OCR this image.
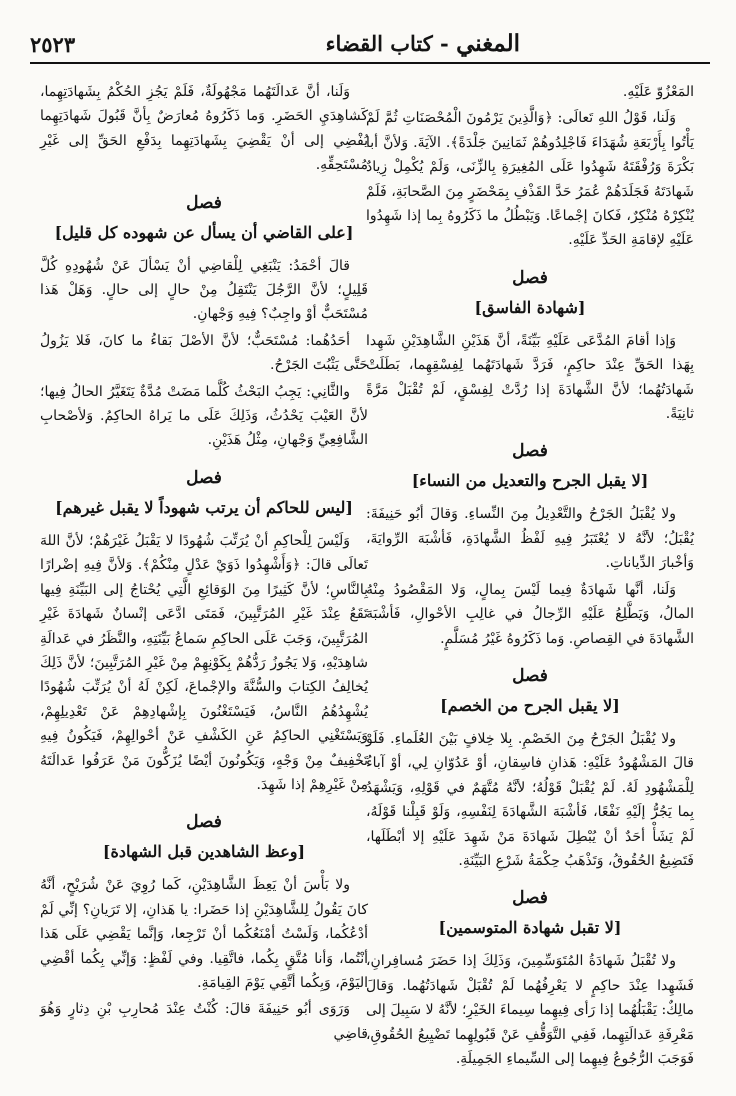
٢٥٢٣	المغني - كتاب القضاء

المَعْزُوّ عَلَيْهِ.

وَلَنا، قَوْلُ اللهِ تَعالَى: ﴿وَالَّذِينَ يَرْمُونَ الْمُحْصَنَاتِ ثُمَّ لَمْ يَأْتُوا بِأَرْبَعَةِ شُهَدَاءَ فَاجْلِدُوهُمْ ثَمَانِينَ جَلْدَةً﴾. الآيَةَ. وَلأنَّ أبا بَكْرَةَ وَرُفْقَتَهُ شَهِدُوا عَلَى المُغِيرَةِ بِالزِّنَى، وَلَمْ يُكْمِلْ زِيادٌ شَهادَتَهُ فَجَلَدَهُمْ عُمَرُ حَدَّ القَذْفِ بِمَحْضَرٍ مِنَ الصَّحابَةِ، فَلَمْ يُنْكِرْهُ مُنْكِرٌ، فَكانَ إجْماعًا. وَيَبْطُلُ ما ذَكَرُوهُ بِما إذا شَهِدُوا عَلَيْهِ لإقامَةِ الحَدِّ عَلَيْهِ.

فصل
[شهادة الفاسق]

وَإذا أقامَ المُدَّعَى عَلَيْهِ بَيِّنَةً، أنَّ هَذَيْنِ الشَّاهِدَيْنِ شَهِدا بِهَذا الحَقِّ عِنْدَ حاكِمٍ، فَرَدَّ شَهادَتَهُما لِفِسْقِهِما، بَطَلَتْ شَهادَتُهُما؛ لأنَّ الشَّهادَةَ إذا رُدَّتْ لِفِسْقٍ، لَمْ تُقْبَلْ مَرَّةً ثانِيَةً.

فصل
[لا يقبل الجرح والتعديل من النساء]

ولا يُقْبَلُ الجَرْحُ والتَّعْدِيلُ مِنَ النِّساءِ. وَقالَ أبُو حَنِيفَةَ: يُقْبَلُ؛ لأنَّهُ لا يُعْتَبَرُ فِيهِ لَفْظُ الشَّهادَةِ، فَأشْبَهَ الرِّوايَةَ، وَأخْبارَ الدِّياناتِ.

وَلَنا، أنَّها شَهادَةٌ فِيما لَيْسَ بِمالٍ، وَلا المَقْصُودُ مِنْهُ المالُ، وَيَطَّلِعُ عَلَيْهِ الرِّجالُ في غالِبِ الأحْوالِ، فَأشْبَهَ الشَّهادَةَ في القِصاصِ. وَما ذَكَرُوهُ غَيْرُ مُسَلَّمٍ.

فصل
[لا يقبل الجرح من الخصم]

ولا يُقْبَلُ الجَرْحُ مِنَ الخَصْمِ. بِلا خِلافٍ بَيْنَ العُلَماءِ. فَلَوْ قالَ المَشْهُودُ عَلَيْهِ: هَذانِ فاسِقانِ، أوْ عَدُوّانِ لِي، أوْ آباءُ لِلْمَشْهُودِ لَهُ. لَمْ يُقْبَلْ قَوْلُهُ؛ لأنَّهُ مُتَّهَمٌ في قَوْلِهِ، وَيَشْهَدُ بِما يَجُرُّ إلَيْهِ نَفْعًا، فَأشْبَهَ الشَّهادَةَ لِنَفْسِهِ، وَلَوْ قَبِلْنا قَوْلَهُ، لَمْ يَشَأْ أحَدٌ أنْ يُبْطِلَ شَهادَةَ مَنْ شَهِدَ عَلَيْهِ إلا أبْطَلَها، فَتَضِيعُ الحُقُوقُ، وَتَذْهَبُ حِكْمَةُ شَرْعِ البَيِّنَةِ.

فصل
[لا تقبل شهادة المتوسمين]

ولا تُقْبَلُ شَهادَةُ المُتَوَسِّمِينَ، وَذَلِكَ إذا حَضَرَ مُسافِرانِ، فَشَهِدا عِنْدَ حاكِمٍ لا يَعْرِفُهُما لَمْ تُقْبَلْ شَهادَتُهُما. وَقالَ مالِكٌ: يَقْبَلُهُما إذا رَأى فِيهِما سِيماءَ الخَيْرِ؛ لأنَّهُ لا سَبِيلَ إلى مَعْرِفَةِ عَدالَتِهِما، فَفِي التَّوَقُّفِ عَنْ قَبُولِهِما تَضْيِيعُ الحُقُوقِ، فَوَجَبَ الرُّجُوعُ فِيهِما إلى السِّيماءِ الجَمِيلَةِ.

وَلَنا، أنَّ عَدالَتَهُما مَجْهُولَةٌ، فَلَمْ يَجُزِ الحُكْمُ بِشَهادَتِهِما، كَشاهِدَيِ الحَضَرِ. وَما ذَكَرُوهُ مُعارَضٌ بِأنَّ قَبُولَ شَهادَتِهِما يُفْضِي إلى أنْ يَقْضِيَ بِشَهادَتِهِما بِدَفْعِ الحَقِّ إلى غَيْرِ مُسْتَحِقِّهِ.

فصل
[على القاضي أن يسأل عن شهوده كل قليل]

قالَ أحْمَدُ: يَنْبَغِي لِلْقاضِي أنْ يَسْألَ عَنْ شُهُودِهِ كُلَّ قَلِيلٍ؛ لأنَّ الرَّجُلَ يَنْتَقِلُ مِنْ حالٍ إلى حالٍ. وَهَلْ هَذا مُسْتَحَبٌّ أوْ واجِبٌ؟ فِيهِ وَجْهانِ.

أحَدُهُما: مُسْتَحَبٌّ؛ لأنَّ الأصْلَ بَقاءُ ما كانَ، فَلا يَزُولُ حَتَّى يَثْبُتَ الجَرْحُ.

والثَّانِي: يَجِبُ البَحْثُ كُلَّما مَضَتْ مُدَّةٌ يَتَغَيَّرُ الحالُ فِيها؛ لأنَّ العَيْبَ يَحْدُثُ، وَذَلِكَ عَلَى ما يَراهُ الحاكِمُ. وَلأصْحابِ الشَّافِعِيِّ وَجْهانِ، مِثْلُ هَذَيْنِ.

فصل
[ليس للحاكم أن يرتب شهوداً لا يقبل غيرهم]

وَلَيْسَ لِلْحاكِمِ أنْ يُرَتِّبَ شُهُودًا لا يَقْبَلُ غَيْرَهُمْ؛ لأنَّ اللهَ تَعالَى قالَ: ﴿وَأَشْهِدُوا ذَوَيْ عَدْلٍ مِنْكُمْ﴾. وَلأنَّ فِيهِ إضْرارًا بِالنَّاسِ؛ لأنَّ كَثِيرًا مِنَ الوَقائِعِ الَّتِي يُحْتاجُ إلى البَيِّنَةِ فِيها تَقَعُ عِنْدَ غَيْرِ المُرَتَّبِينَ، فَمَتَى ادَّعَى إنْسانٌ شَهادَةَ غَيْرِ المُرَتَّبِينَ، وَجَبَ عَلَى الحاكِمِ سَماعُ بَيِّنَتِهِ، والنَّظَرُ في عَدالَةِ شاهِدَيْهِ، وَلا يَجُوزُ رَدُّهُمْ بِكَوْنِهِمْ مِنْ غَيْرِ المُرَتَّبِينَ؛ لأنَّ ذَلِكَ يُخالِفُ الكِتابَ والسُّنَّةَ والإجْماعَ، لَكِنْ لَهُ أنْ يُرَتِّبَ شُهُودًا يُشْهِدُهُمُ النَّاسُ، فَيَسْتَغْنُونَ بِإشْهادِهِمْ عَنْ تَعْدِيلِهِمْ، وَيَسْتَغْنِي الحاكِمُ عَنِ الكَشْفِ عَنْ أحْوالِهِمْ، فَيَكُونُ فِيهِ تَخْفِيفٌ مِنْ وَجْهٍ، وَيَكُونُونَ أيْضًا يُزَكُّونَ مَنْ عَرَفُوا عَدالَتَهُ مِنْ غَيْرِهِمْ إذا شَهِدَ.

فصل
[وعظ الشاهدين قبل الشهادة]

ولا بَأْسَ أنْ يَعِظَ الشَّاهِدَيْنِ، كَما رُوِيَ عَنْ شُرَيْحٍ، أنَّهُ كانَ يَقُولُ لِلشَّاهِدَيْنِ إذا حَضَرا: يا هَذانِ، إلا تَرَيانِ؟ إنِّي لَمْ أدْعُكُما، وَلَسْتُ أمْنَعُكُما أنْ تَرْجِعا، وَإنَّما يَقْضِي عَلَى هَذا أنْتُما، وَأنا مُتَّقٍ بِكُما، فاتَّقِيا. وفي لَفْظٍ: وَإنِّي بِكُما أقْضِي اليَوْمَ، وَبِكُما أتَّقِي يَوْمَ القِيامَةِ.

وَرَوَى أبُو حَنِيفَةَ قالَ: كُنْتُ عِنْدَ مُحارِبِ بْنِ دِثارٍ وَهُوَ قاضِي
